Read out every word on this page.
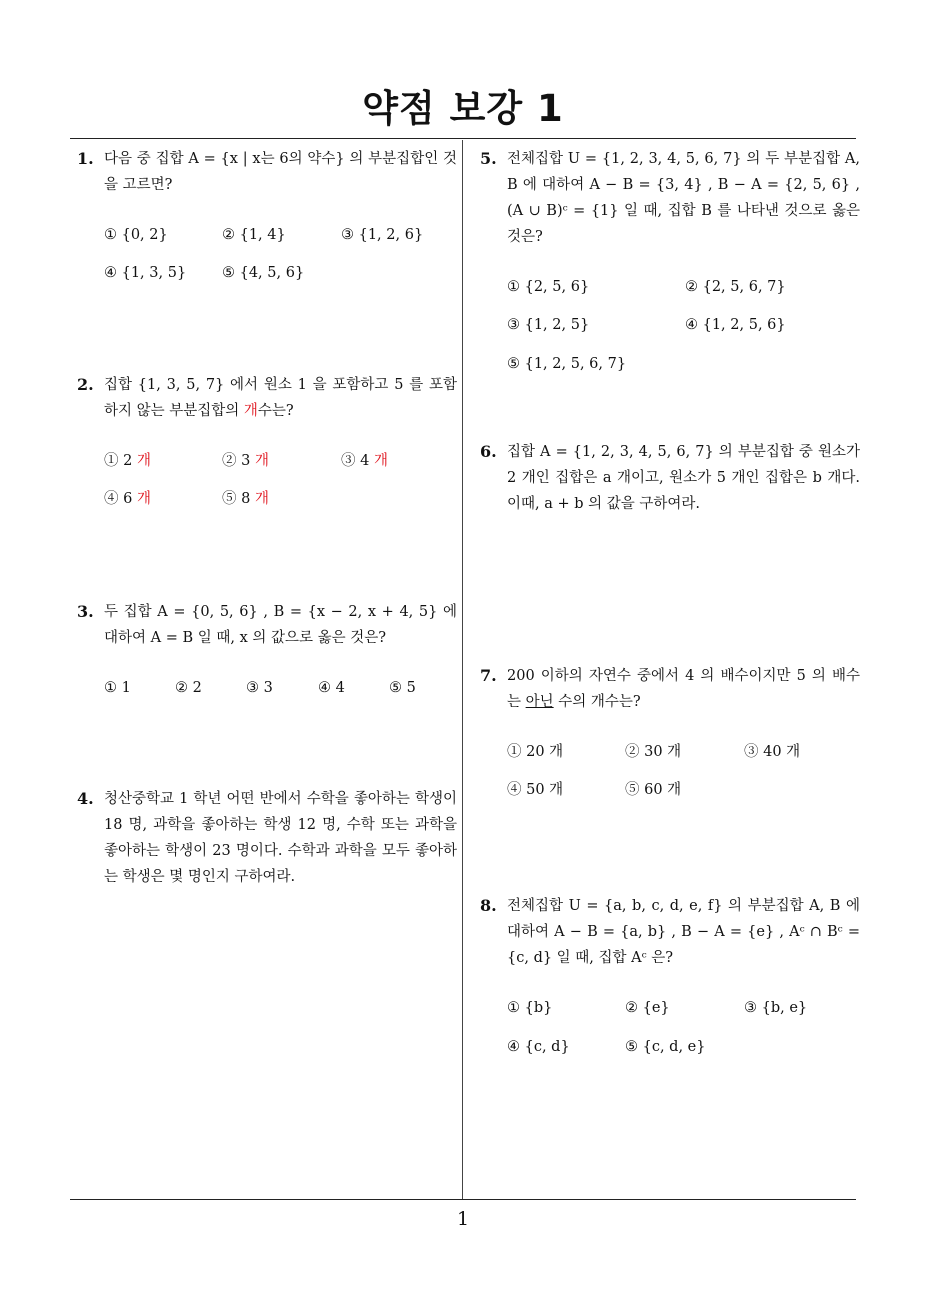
약점 보강 1
1
1. 다음 중 집합 A = {x | x는 6의 약수} 의 부분집합인 것을 고르면?
① {0, 2}	② {1, 4}	③ {1, 2, 6}
④ {1, 3, 5} ⑤ {4, 5, 6}
2. 집합 {1, 3, 5, 7} 에서 원소 1 을 포함하고 5 를 포함하지 않는 부분집합의 개수는?
① 2 개	② 3 개	③ 4 개
④ 6 개	⑤ 8 개
3. 두 집합 A = {0, 5, 6} , B = {x − 2, x + 4, 5} 에 대하여 A = B 일 때, x 의 값으로 옳은 것은?
① 1	② 2	③ 3	④ 4	⑤ 5
4. 청산중학교 1 학년 어떤 반에서 수학을 좋아하는 학생이 18 명, 과학을 좋아하는 학생 12 명, 수학 또는 과학을 좋아하는 학생이 23 명이다. 수학과 과학을 모두 좋아하는 학생은 몇 명인지 구하여라.
5. 전체집합 U = {1, 2, 3, 4, 5, 6, 7} 의 두 부분집합 A, B 에 대하여 A − B = {3, 4} , B − A = {2, 5, 6} , (A ∪ B)ᶜ = {1} 일 때, 집합 B 를 나타낸 것으로 옳은 것은?
① {2, 5, 6}	② {2, 5, 6, 7}
③ {1, 2, 5}	④ {1, 2, 5, 6}
⑤ {1, 2, 5, 6, 7}
6. 집합 A = {1, 2, 3, 4, 5, 6, 7} 의 부분집합 중 원소가 2 개인 집합은 a 개이고, 원소가 5 개인 집합은 b 개다. 이때, a + b 의 값을 구하여라.
7. 200 이하의 자연수 중에서 4 의 배수이지만 5 의 배수는 아닌 수의 개수는?
① 20 개	② 30 개	③ 40 개
④ 50 개	⑤ 60 개
8. 전체집합 U = {a, b, c, d, e, f} 의 부분집합 A, B 에 대하여 A − B = {a, b} , B − A = {e} , Aᶜ ∩ Bᶜ = {c, d} 일 때, 집합 Aᶜ 은?
① {b}	② {e}	③ {b, e}
④ {c, d}	⑤ {c, d, e}
